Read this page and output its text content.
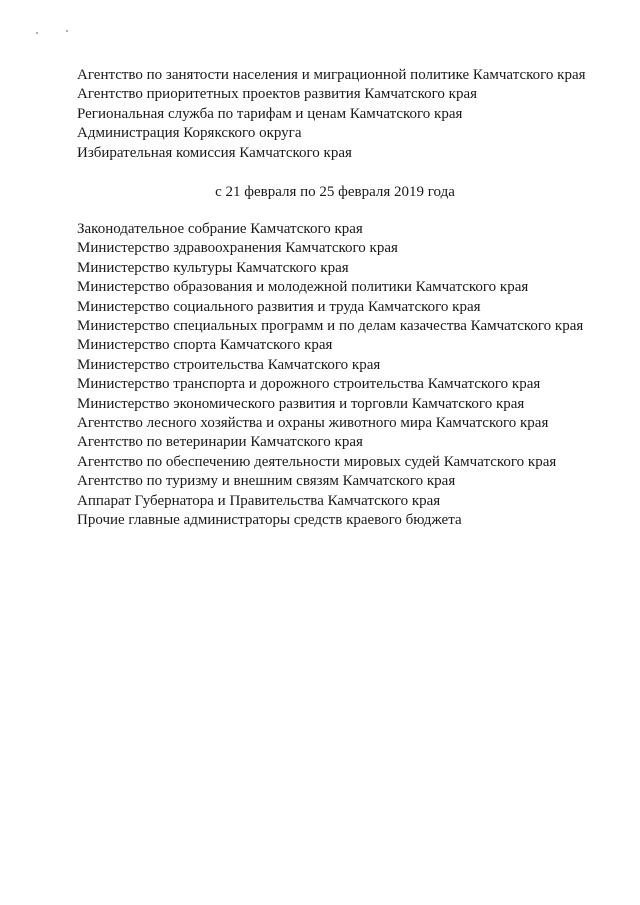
Агентство по занятости населения и миграционной политике Камчатского края
Агентство приоритетных проектов развития Камчатского края
Региональная служба по тарифам и ценам Камчатского края
Администрация Корякского округа
Избирательная комиссия Камчатского края
с 21 февраля по 25 февраля 2019 года
Законодательное собрание Камчатского края
Министерство здравоохранения Камчатского края
Министерство культуры Камчатского края
Министерство образования и молодежной политики Камчатского края
Министерство социального развития и труда Камчатского края
Министерство специальных программ и по делам казачества Камчатского края
Министерство спорта Камчатского края
Министерство строительства Камчатского края
Министерство транспорта и дорожного строительства Камчатского края
Министерство экономического развития и торговли Камчатского края
Агентство лесного хозяйства и охраны животного мира Камчатского края
Агентство по ветеринарии Камчатского края
Агентство по обеспечению деятельности мировых судей Камчатского края
Агентство по туризму и внешним связям Камчатского края
Аппарат Губернатора и Правительства Камчатского края
Прочие главные администраторы средств краевого бюджета
